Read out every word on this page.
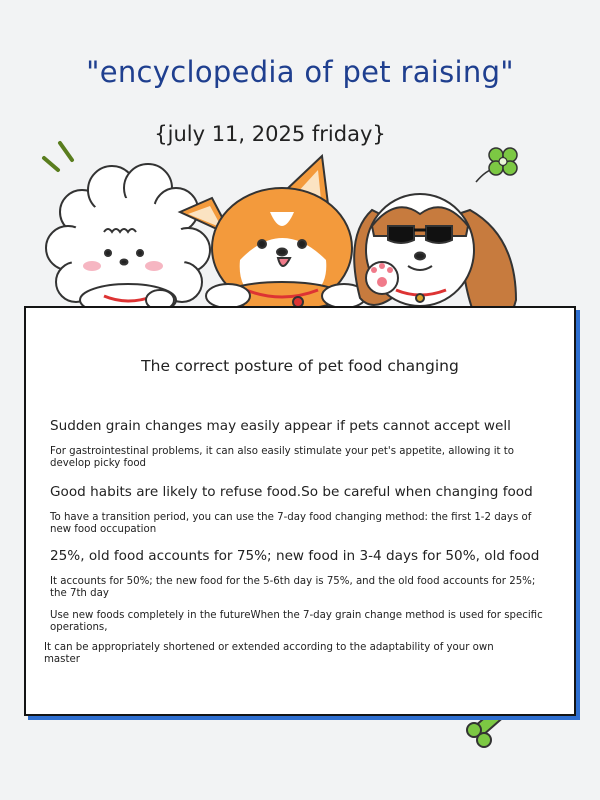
"encyclopedia of pet raising"
{july 11, 2025 friday}
The correct posture of pet food changing
Sudden grain changes may easily appear if pets cannot accept well
For gastrointestinal problems, it can also easily stimulate your pet's appetite, allowing it to develop picky food
Good habits are likely to refuse food.So be careful when changing food
To have a transition period, you can use the 7-day food changing method: the first 1-2 days of new food occupation
25%, old food accounts for 75%; new food in 3-4 days for 50%, old food
It accounts for 50%; the new food for the 5-6th day is 75%, and the old food accounts for 25%; the 7th day
Use new foods completely in the futureWhen the 7-day grain change method is used for specific operations,
It can be appropriately shortened or extended according to the adaptability of your own master
